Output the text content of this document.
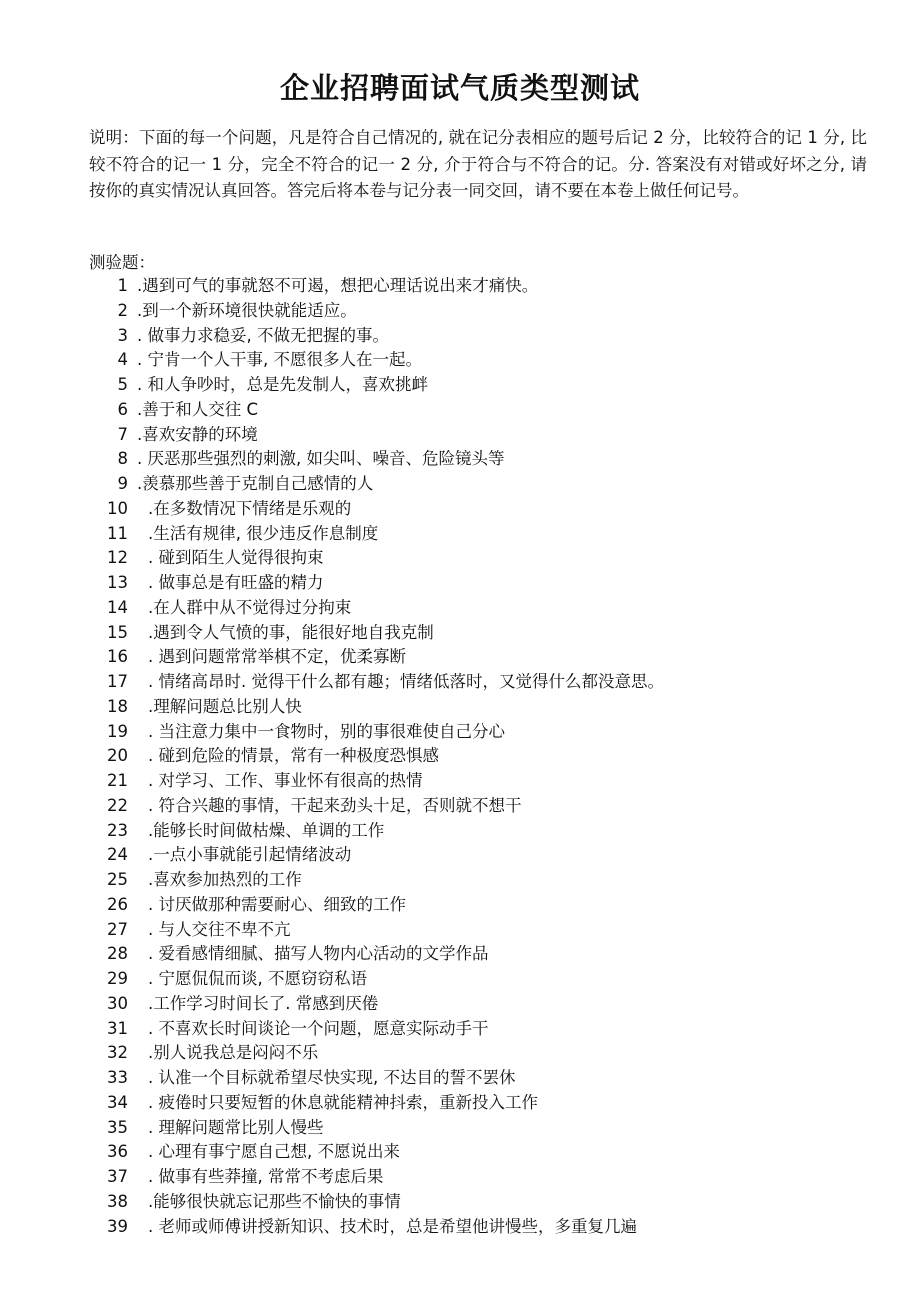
企业招聘面试气质类型测试

说明：下面的每一个问题，凡是符合自己情况的, 就在记分表相应的题号后记 2 分，比较符合的记 1 分, 比较不符合的记一 1 分，完全不符合的记一 2 分, 介于符合与不符合的记。分. 答案没有对错或好坏之分, 请按你的真实情况认真回答。答完后将本卷与记分表一同交回，请不要在本卷上做任何记号。

测验题：

1 .遇到可气的事就怒不可遏，想把心理话说出来才痛快。
2 .到一个新环境很快就能适应。
3 . 做事力求稳妥, 不做无把握的事。
4 . 宁肯一个人干事, 不愿很多人在一起。
5 . 和人争吵时，总是先发制人，喜欢挑衅
6 .善于和人交往 C
7 .喜欢安静的环境
8 . 厌恶那些强烈的刺激, 如尖叫、噪音、危险镜头等
9 .羡慕那些善于克制自己感情的人
10 .在多数情况下情绪是乐观的
11 .生活有规律, 很少违反作息制度
12 . 碰到陌生人觉得很拘束
13 . 做事总是有旺盛的精力
14 .在人群中从不觉得过分拘束
15 .遇到令人气愤的事，能很好地自我克制
16 . 遇到问题常常举棋不定，优柔寡断
17 . 情绪高昂时. 觉得干什么都有趣；情绪低落时，又觉得什么都没意思。
18 .理解问题总比别人快
19 . 当注意力集中一食物时，别的事很难使自己分心
20 . 碰到危险的情景，常有一种极度恐惧感
21 . 对学习、工作、事业怀有很高的热情
22 . 符合兴趣的事情，干起来劲头十足，否则就不想干
23 .能够长时间做枯燥、单调的工作
24 .一点小事就能引起情绪波动
25 .喜欢参加热烈的工作
26 . 讨厌做那种需要耐心、细致的工作
27 . 与人交往不卑不亢
28 . 爱看感情细腻、描写人物内心活动的文学作品
29 . 宁愿侃侃而谈, 不愿窃窃私语
30 .工作学习时间长了. 常感到厌倦
31 . 不喜欢长时间谈论一个问题，愿意实际动手干
32 .别人说我总是闷闷不乐
33 . 认准一个目标就希望尽快实现, 不达目的誓不罢休
34 . 疲倦时只要短暂的休息就能精神抖索，重新投入工作
35 . 理解问题常比别人慢些
36 . 心理有事宁愿自己想, 不愿说出来
37 . 做事有些莽撞, 常常不考虑后果
38 .能够很快就忘记那些不愉快的事情
39 . 老师或师傅讲授新知识、技术时，总是希望他讲慢些，多重复几遍
